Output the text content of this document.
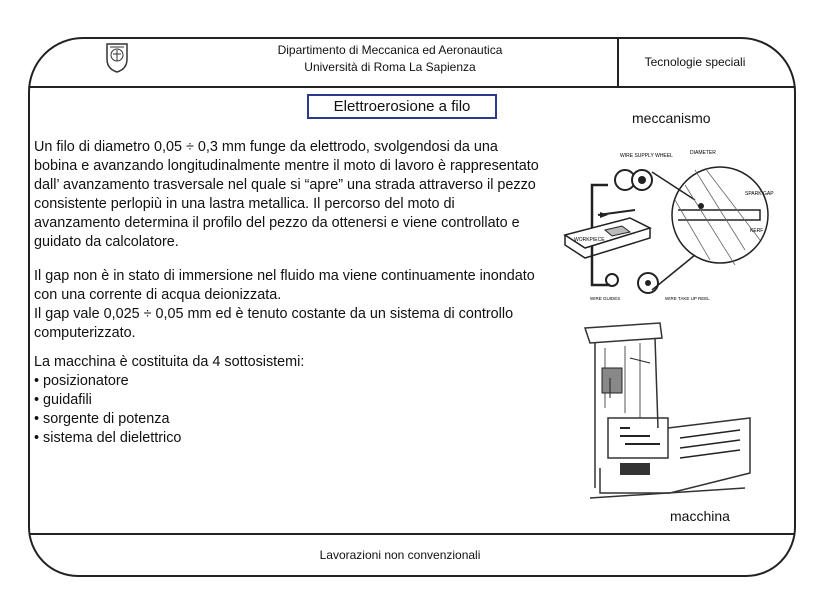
Dipartimento di Meccanica ed Aeronautica
Università di Roma La Sapienza	Tecnologie speciali
Elettroerosione a filo
Un filo di diametro 0,05 ÷ 0,3 mm funge da elettrodo, svolgendosi da una bobina e avanzando longitudinalmente mentre il moto di lavoro è rappresentato dall’ avanzamento trasversale nel quale si “apre” una strada attraverso il pezzo consistente perlopiù in una lastra metallica. Il percorso del moto di avanzamento determina il profilo del pezzo da ottenersi e viene controllato e guidato da calcolatore.
Il gap non è in stato di immersione nel fluido ma viene continuamente inondato con una corrente di acqua deionizzata.
Il gap vale 0,025 ÷ 0,05 mm ed è tenuto costante da un sistema di controllo computerizzato.
La macchina è costituita da 4 sottosistemi:
• posizionatore
• guidafili
• sorgente di potenza
• sistema del dielettrico
meccanismo
WIRE SUPPLY WHEEL	DIAMETER
SPARK GAP
KERF
WORKPIECE
WIRE GUIDES	WIRE TAKE UP REEL
macchina
Lavorazioni non convenzionali
